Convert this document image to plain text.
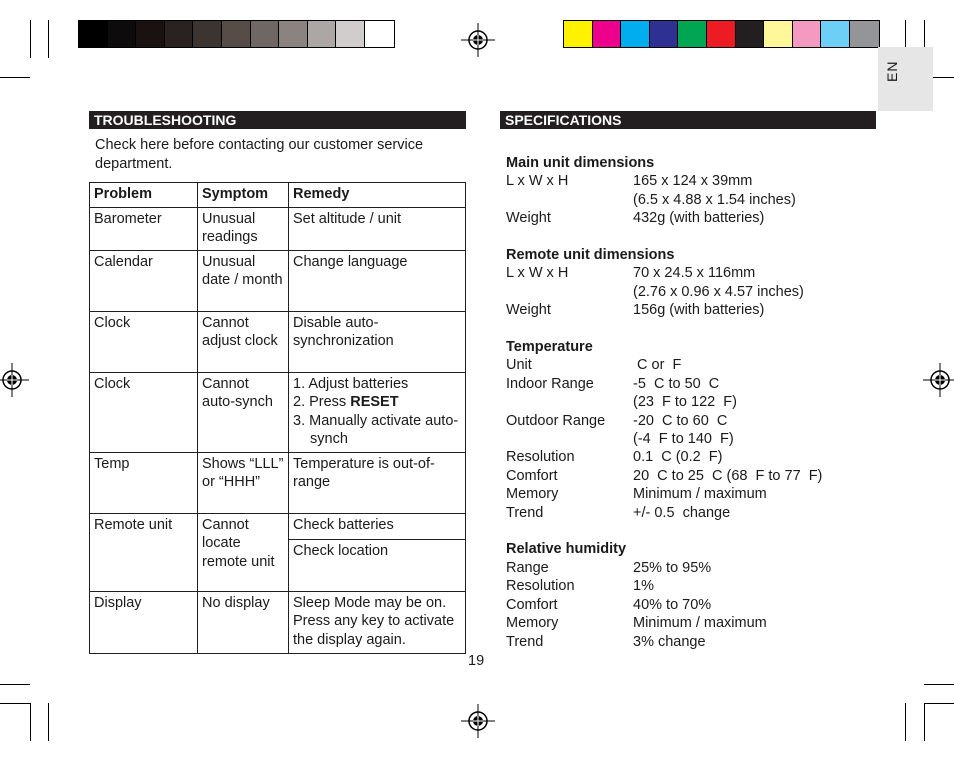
EN
TROUBLESHOOTING

Check here before contacting our customer service department.

Problem	Symptom	Remedy
Barometer	Unusual readings	Set altitude / unit
Calendar	Unusual date / month	Change language
Clock	Cannot adjust clock	Disable auto-synchronization
Clock	Cannot auto-synch	1. Adjust batteries
2. Press RESET
3. Manually activate auto-synch

Temp	Shows “LLL” or “HHH”	Temperature is out-of-range
Remote unit	Cannot locate remote unit	Check batteries
		Check location
Display	No display	Sleep Mode may be on. Press any key to activate the display again.
SPECIFICATIONS
Main unit dimensions
L x W x H	165 x 124 x 39mm
(6.5 x 4.88 x 1.54 inches)
Weight	432g (with batteries)
Remote unit dimensions
L x W x H	70 x 24.5 x 116mm
(2.76 x 0.96 x 4.57 inches)
Weight	156g (with batteries)
Temperature
Unit	C or  F
Indoor Range	-5  C to 50  C
(23  F to 122  F)
Outdoor Range	-20  C to 60  C
(-4  F to 140  F)
Resolution	0.1  C (0.2  F)
Comfort	20  C to 25  C (68  F to 77  F)
Memory	Minimum / maximum
Trend	+/- 0.5  change
Relative humidity
Range	25% to 95%
Resolution	1%
Comfort	40% to 70%
Memory	Minimum / maximum
Trend	3% change
19
